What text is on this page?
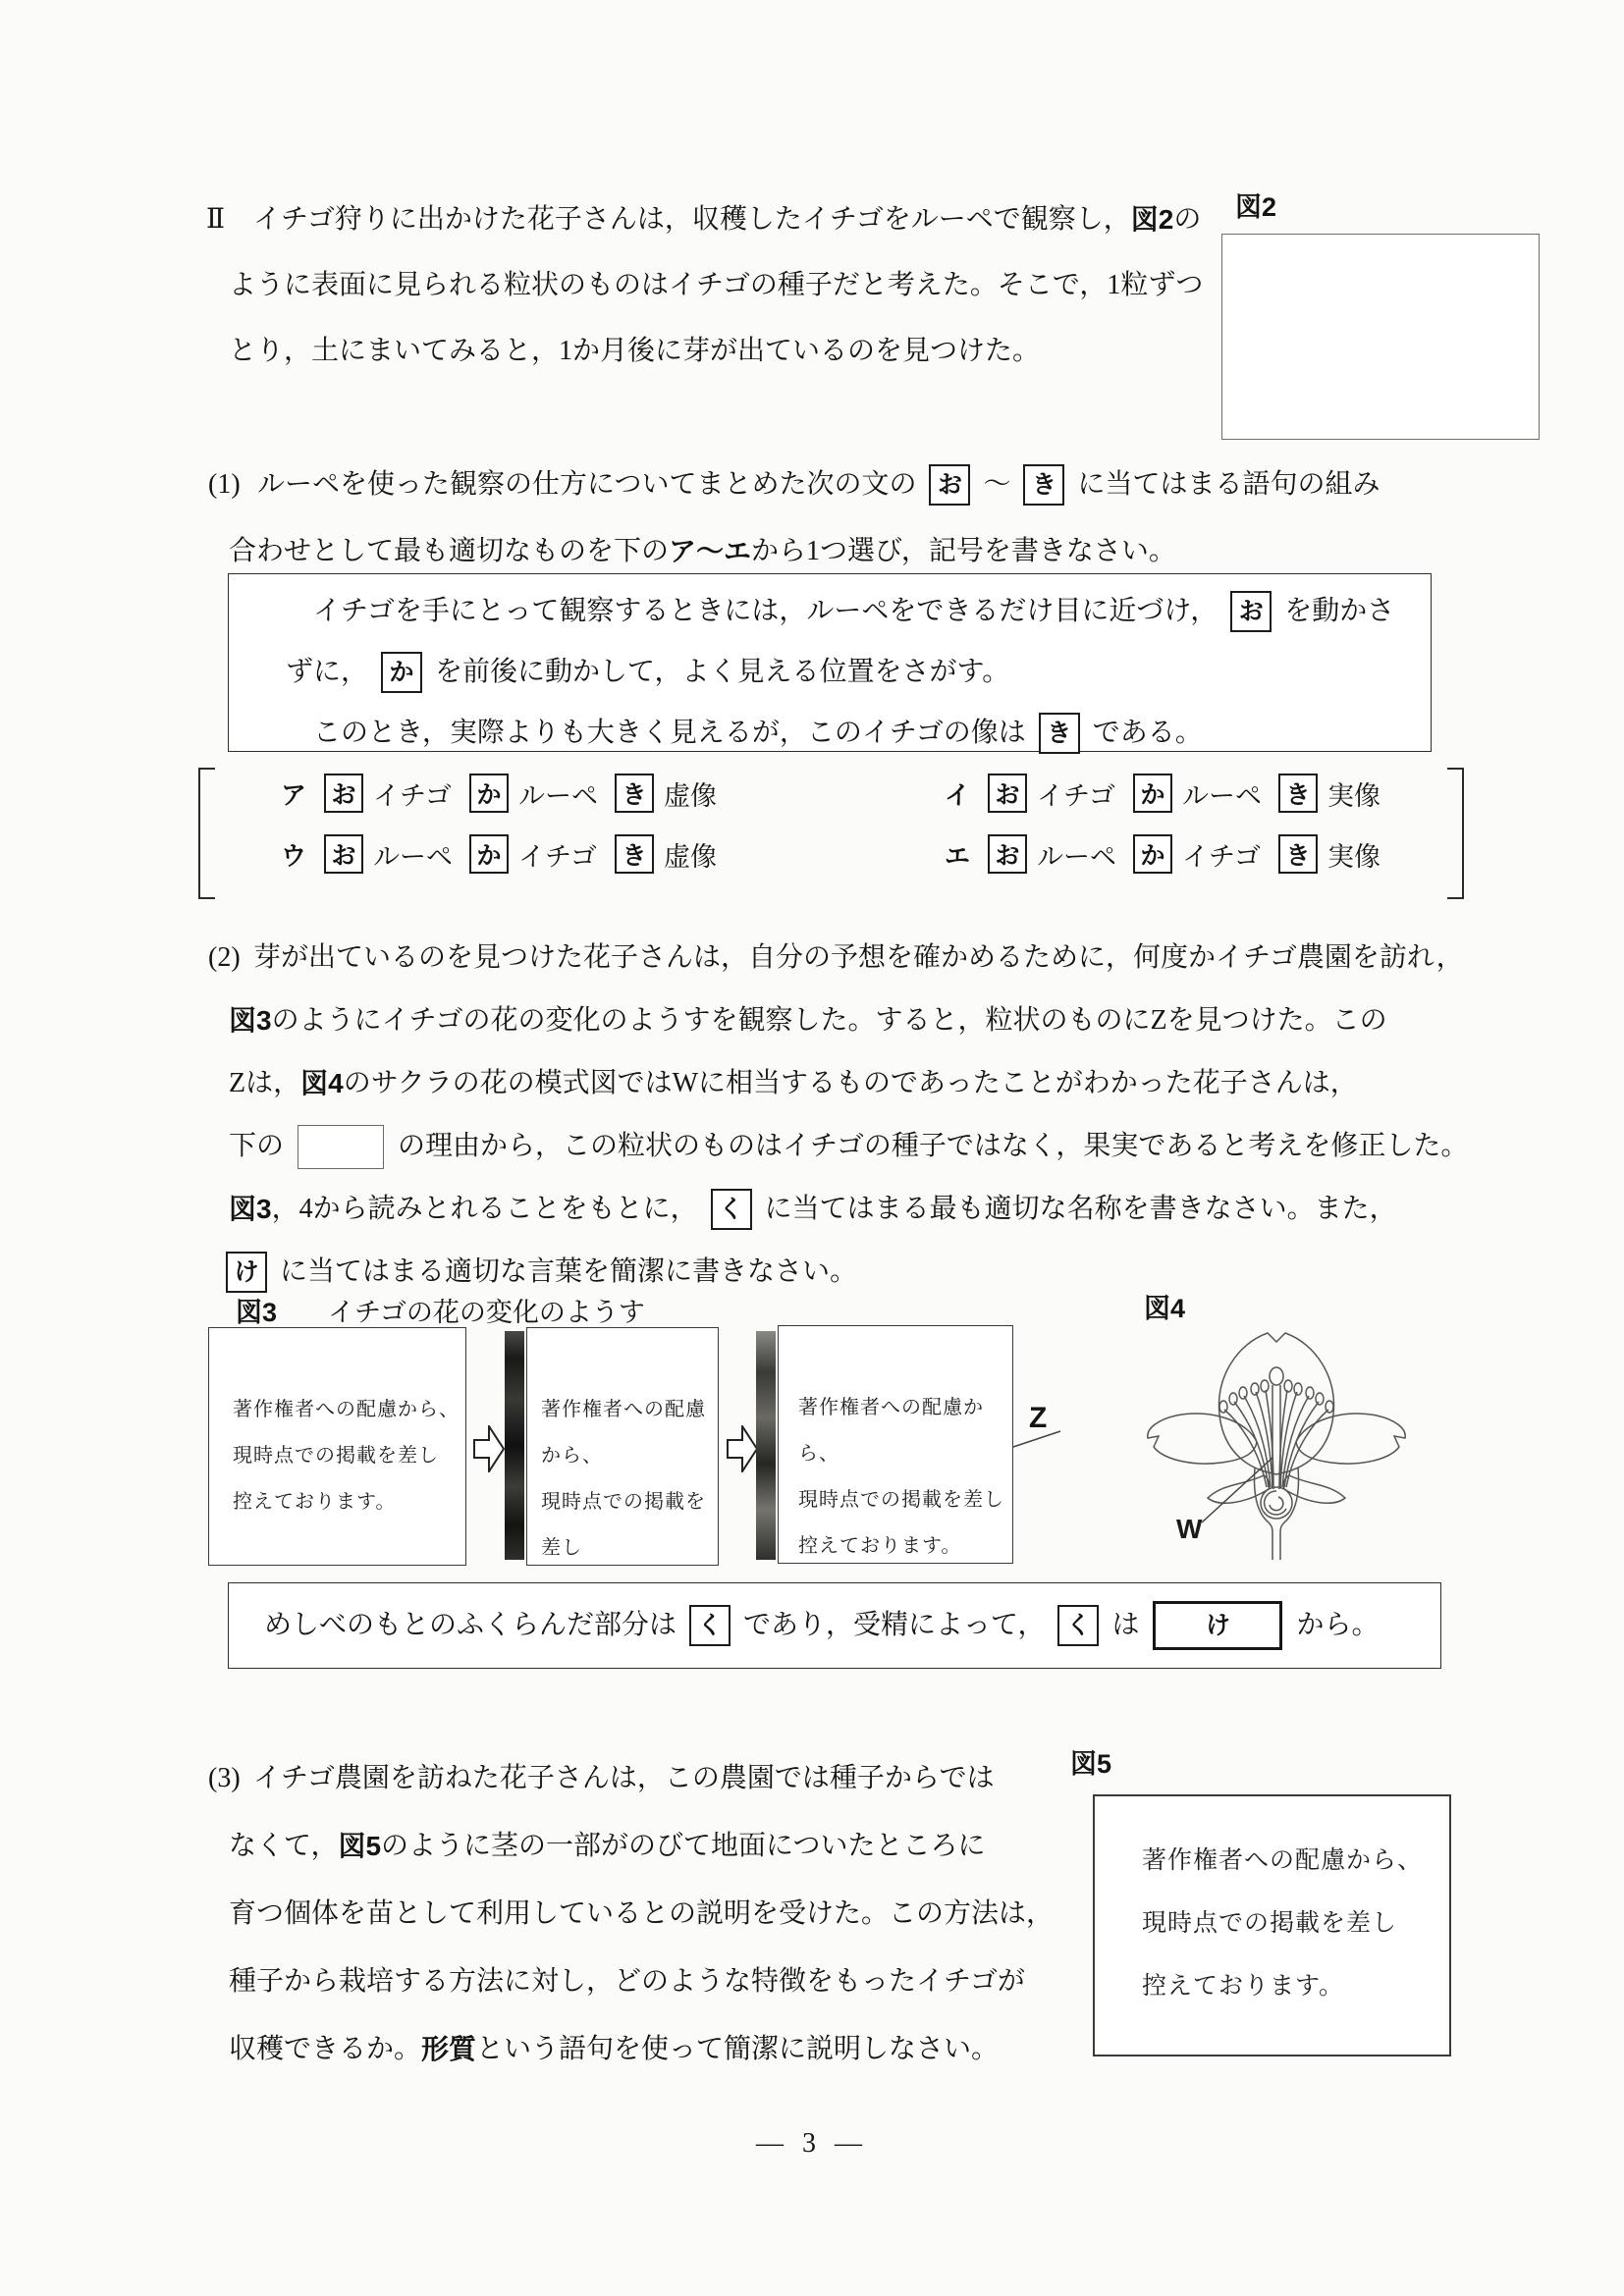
Ⅱ イチゴ狩りに出かけた花子さんは，収穫したイチゴをルーペで観察し， 図2 の
ように表面に見られる粒状のものはイチゴの種子だと考えた。そこで，1粒ずつ
とり，土にまいてみると，1か月後に芽が出ているのを見つけた。
図2
(1) ルーペを使った観察の仕方についてまとめた次の文の お ～ き に当てはまる語句の組み
合わせとして最も適切なものを下の ア～エ から1つ選び，記号を書きなさい。
イチゴを手にとって観察するときには，ルーペをできるだけ目に近づけ， お を動かさ
ずに， か を前後に動かして，よく見える位置をさがす。
このとき，実際よりも大きく見えるが，このイチゴの像は き である。
ア お イチゴ	か ルーペ き 虚像	イ お イチゴ	か ルーペ き 実像
ウ お ルーペ か イチゴ	き 虚像	エ お ルーペ か イチゴ	き 実像
(2) 芽が出ているのを見つけた花子さんは，自分の予想を確かめるために，何度かイチゴ農園を訪れ，
図3 のようにイチゴの花の変化のようすを観察した。すると，粒状のものにZを見つけた。この
Zは， 図4 のサクラの花の模式図ではWに相当するものであったことがわかった花子さんは，
下の	の理由から，この粒状のものはイチゴの種子ではなく，果実であると考えを修正した。
図3 ，4から読みとれることをもとに， く に当てはまる最も適切な名称を書きなさい。また，
け に当てはまる適切な言葉を簡潔に書きなさい。
図3 イチゴの花の変化のようす
著作権者への配慮から、
現時点での掲載を差し
控えております。
著作権者への配慮から、
現時点での掲載を差し
著作権者への配慮から、
現時点での掲載を差し
控えております。
Z
図4
W
めしべのもとのふくらんだ部分は く であり，受精によって， く は	け	から。
(3) イチゴ農園を訪ねた花子さんは，この農園では種子からでは
なくて， 図5 のように茎の一部がのびて地面についたところに
育つ個体を苗として利用しているとの説明を受けた。この方法は，
種子から栽培する方法に対し，どのような特徴をもったイチゴが
収穫できるか。 形質 という語句を使って簡潔に説明しなさい。
図5
著作権者への配慮から、
現時点での掲載を差し
控えております。
— 3 —
